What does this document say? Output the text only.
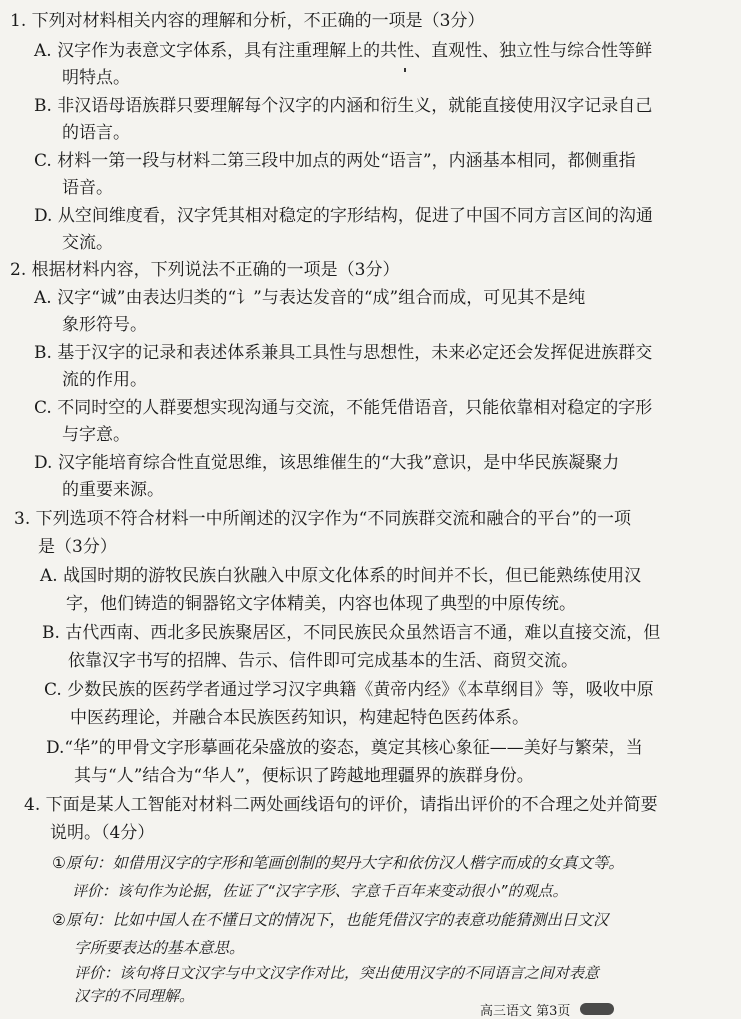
1. 下列对材料相关内容的理解和分析，不正确的一项是（3分）
A. 汉字作为表意文字体系，具有注重理解上的共性、直观性、独立性与综合性等鲜
明特点。
B. 非汉语母语族群只要理解每个汉字的内涵和衍生义，就能直接使用汉字记录自己
的语言。
C. 材料一第一段与材料二第三段中加点的两处“语言”，内涵基本相同，都侧重指
语音。
D. 从空间维度看，汉字凭其相对稳定的字形结构，促进了中国不同方言区间的沟通
交流。
2. 根据材料内容，下列说法不正确的一项是（3分）
A. 汉字“诚”由表达归类的“讠”与表达发音的“成”组合而成，可见其不是纯
象形符号。
B. 基于汉字的记录和表述体系兼具工具性与思想性，未来必定还会发挥促进族群交
流的作用。
C. 不同时空的人群要想实现沟通与交流，不能凭借语音，只能依靠相对稳定的字形
与字意。
D. 汉字能培育综合性直觉思维，该思维催生的“大我”意识，是中华民族凝聚力
的重要来源。
3. 下列选项不符合材料一中所阐述的汉字作为“不同族群交流和融合的平台”的一项
是（3分）
A. 战国时期的游牧民族白狄融入中原文化体系的时间并不长，但已能熟练使用汉
字，他们铸造的铜器铭文字体精美，内容也体现了典型的中原传统。
B. 古代西南、西北多民族聚居区，不同民族民众虽然语言不通，难以直接交流，但
依靠汉字书写的招牌、告示、信件即可完成基本的生活、商贸交流。
C. 少数民族的医药学者通过学习汉字典籍《黄帝内经》《本草纲目》等，吸收中原
中医药理论，并融合本民族医药知识，构建起特色医药体系。
D.“华”的甲骨文字形摹画花朵盛放的姿态，奠定其核心象征——美好与繁荣，当
其与“人”结合为“华人”，便标识了跨越地理疆界的族群身份。
4. 下面是某人工智能对材料二两处画线语句的评价，请指出评价的不合理之处并简要
说明。（4分）
①原句：如借用汉字的字形和笔画创制的契丹大字和依仿汉人楷字而成的女真文等。
评价：该句作为论据，佐证了“汉字字形、字意千百年来变动很小”的观点。
②原句：比如中国人在不懂日文的情况下，也能凭借汉字的表意功能猜测出日文汉
字所要表达的基本意思。
高三语文 第3页
评价：该句将日文汉字与中文汉字作对比，突出使用汉字的不同语言之间对表意
汉字的不同理解。
